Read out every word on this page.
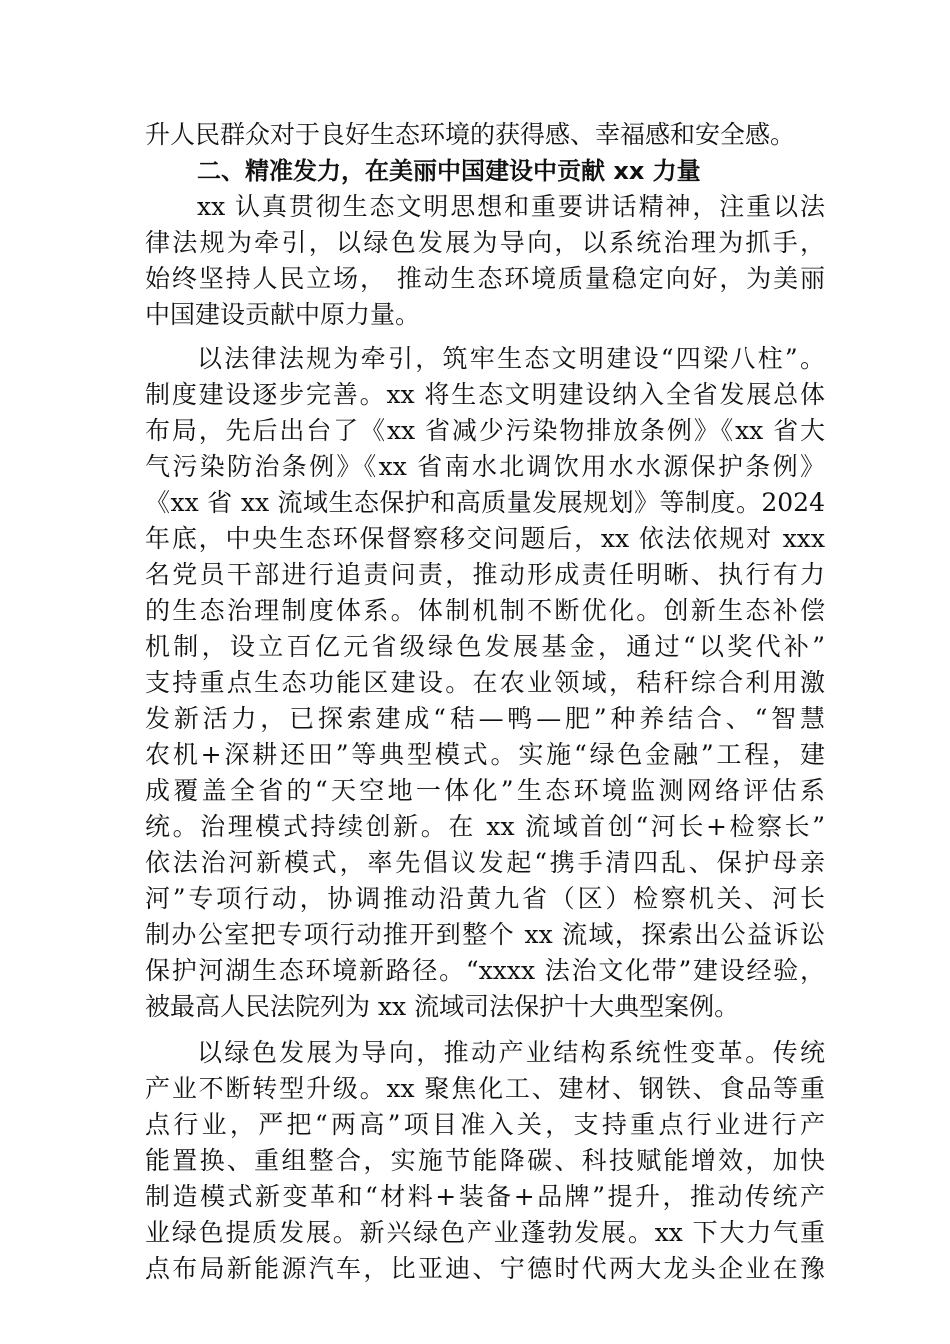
升人民群众对于良好生态环境的获得感、幸福感和安全感。
二、精准发力，在美丽中国建设中贡献 xx 力量
xx 认真贯彻生态文明思想和重要讲话精神，注重以法
律法规为牵引，以绿色发展为导向，以系统治理为抓手，
始终坚持人民立场， 推动生态环境质量稳定向好，为美丽
中国建设贡献中原力量。
以法律法规为牵引，筑牢生态文明建设“四梁八柱”。
制度建设逐步完善。xx 将生态文明建设纳入全省发展总体
布局，先后出台了《xx 省减少污染物排放条例》《xx 省大
气污染防治条例》《xx 省南水北调饮用水水源保护条例》
《xx 省 xx 流域生态保护和高质量发展规划》等制度。2024
年底，中央生态环保督察移交问题后，xx 依法依规对 xxx
名党员干部进行追责问责，推动形成责任明晰、执行有力
的生态治理制度体系。体制机制不断优化。创新生态补偿
机制，设立百亿元省级绿色发展基金，通过“以奖代补”
支持重点生态功能区建设。在农业领域，秸秆综合利用激
发新活力，已探索建成“秸—鸭—肥”种养结合、“智慧
农机+深耕还田”等典型模式。实施“绿色金融”工程，建
成覆盖全省的“天空地一体化”生态环境监测网络评估系
统。治理模式持续创新。在 xx 流域首创“河长+检察长”
依法治河新模式，率先倡议发起“携手清四乱、保护母亲
河”专项行动，协调推动沿黄九省（区）检察机关、河长
制办公室把专项行动推开到整个 xx 流域，探索出公益诉讼
保护河湖生态环境新路径。“xxxx 法治文化带”建设经验，
被最高人民法院列为 xx 流域司法保护十大典型案例。
以绿色发展为导向，推动产业结构系统性变革。传统
产业不断转型升级。xx 聚焦化工、建材、钢铁、食品等重
点行业，严把“两高”项目准入关，支持重点行业进行产
能置换、重组整合，实施节能降碳、科技赋能增效，加快
制造模式新变革和“材料+装备+品牌”提升，推动传统产
业绿色提质发展。新兴绿色产业蓬勃发展。xx 下大力气重
点布局新能源汽车，比亚迪、宁德时代两大龙头企业在豫
